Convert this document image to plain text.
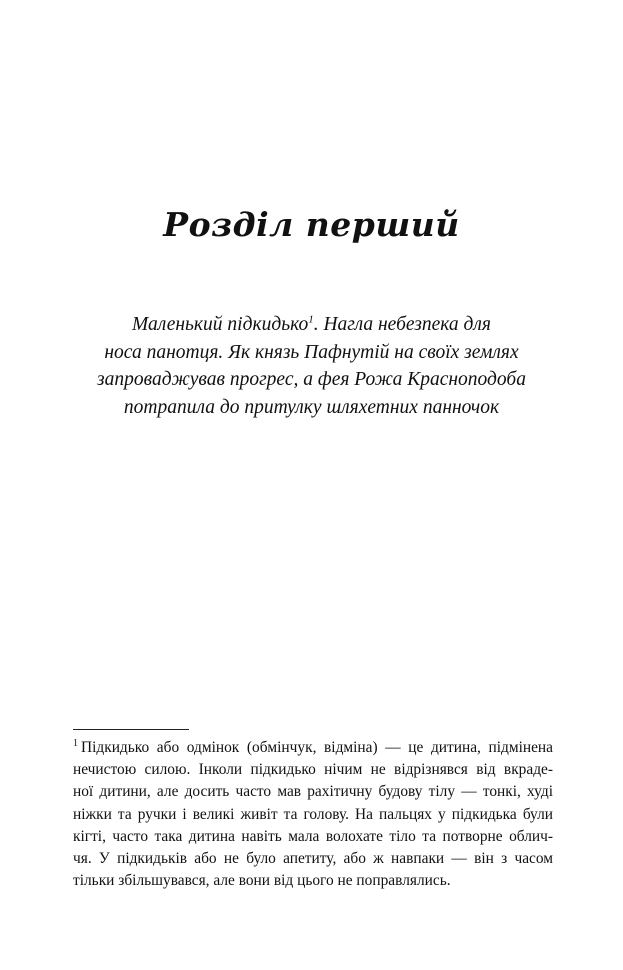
Розділ перший
Маленький підкидько$^1$. Нагла небезпека для
носа панотця. Як князь Пафнутій на своїх землях
запроваджував прогрес, а фея Рожа Красноподоба
потрапила до притулку шляхетних панночок
$^1$ Підкидько або одмінок (обмінчук, відміна) — це дитина, підмінена
нечистою силою. Інколи підкидько нічим не відрізнявся від вкраде-
ної дитини, але досить часто мав рахітичну будову тілу — тонкі, худі
ніжки та ручки і великі живіт та голову. На пальцях у підкидька були
кігті, часто така дитина навіть мала волохате тіло та потворне облич-
чя. У підкидьків або не було апетиту, або ж навпаки — він з часом
тільки збільшувався, але вони від цього не поправлялись.
